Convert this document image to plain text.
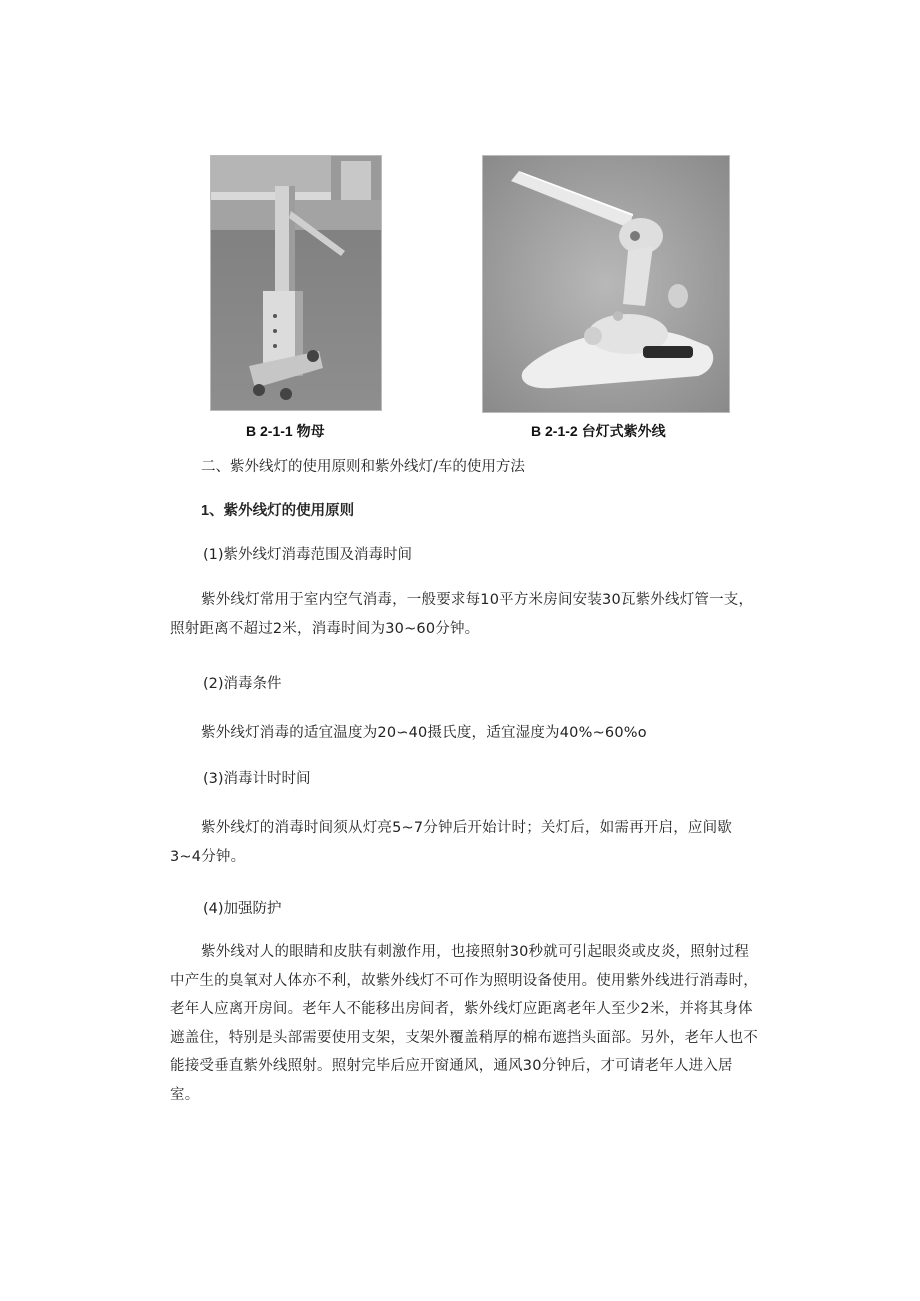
B 2-1-1 物母	B 2-1-2 台灯式紫外线
二、紫外线灯的使用原则和紫外线灯/车的使用方法
1、紫外线灯的使用原则
(1)紫外线灯消毒范围及消毒时间
紫外线灯常用于室内空气消毒，一般要求每10平方米房间安装30瓦紫外线灯管一支，照射距离不超过2米，消毒时间为30~60分钟。
(2)消毒条件
紫外线灯消毒的适宜温度为20∽40摄氏度，适宜湿度为40%~60%o
(3)消毒计时时间
紫外线灯的消毒时间须从灯亮5~7分钟后开始计时；关灯后，如需再开启，应间歇3~4分钟。
(4)加强防护
紫外线对人的眼睛和皮肤有刺激作用，也接照射30秒就可引起眼炎或皮炎，照射过程中产生的臭氧对人体亦不利，故紫外线灯不可作为照明设备使用。使用紫外线进行消毒时，老年人应离开房间。老年人不能移出房间者，紫外线灯应距离老年人至少2米，并将其身体遮盖住，特别是头部需要使用支架，支架外覆盖稍厚的棉布遮挡头面部。另外，老年人也不能接受垂直紫外线照射。照射完毕后应开窗通风，通风30分钟后，才可请老年人进入居室。
